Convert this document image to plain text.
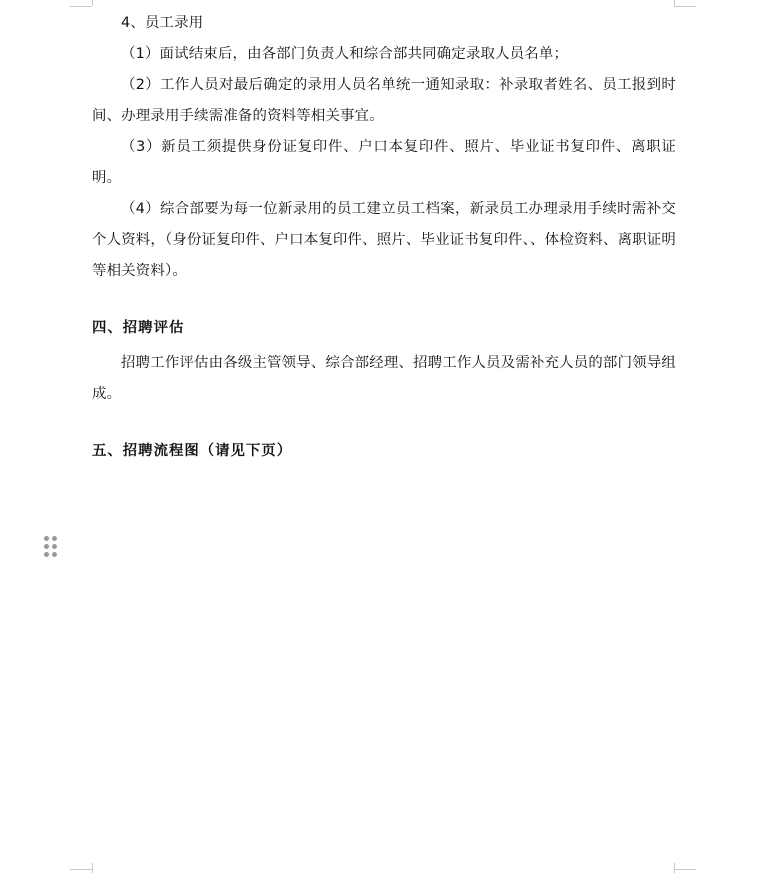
4、员工录用

（1）面试结束后，由各部门负责人和综合部共同确定录取人员名单；

（2）工作人员对最后确定的录用人员名单统一通知录取：补录取者姓名、员工报到时间、办理录用手续需准备的资料等相关事宜。

（3）新员工须提供身份证复印件、户口本复印件、照片、毕业证书复印件、离职证明。

（4）综合部要为每一位新录用的员工建立员工档案，新录员工办理录用手续时需补交个人资料，（身份证复印件、户口本复印件、照片、毕业证书复印件、、体检资料、离职证明等相关资料）。

四、招聘评估

招聘工作评估由各级主管领导、综合部经理、招聘工作人员及需补充人员的部门领导组成。

五、招聘流程图（请见下页）
